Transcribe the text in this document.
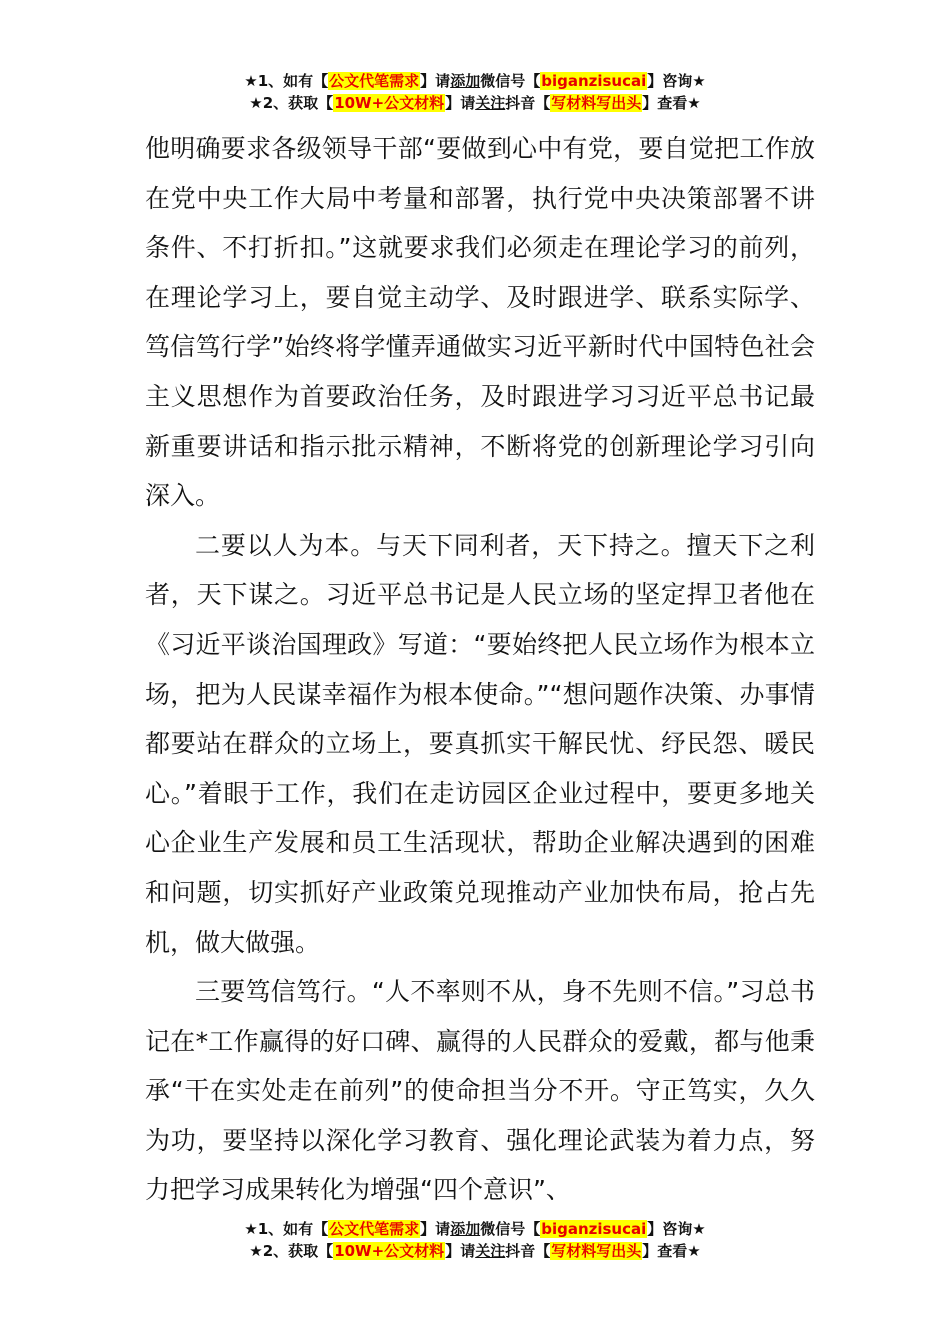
★1、如有【公文代笔需求】请添加微信号【biganzisucai】咨询★
★2、获取【10W+公文材料】请关注抖音【写材料写出头】查看★

他明确要求各级领导干部“要做到心中有党，要自觉把工作放在党中央工作大局中考量和部署，执行党中央决策部署不讲条件、不打折扣。”这就要求我们必须走在理论学习的前列，在理论学习上，要自觉主动学、及时跟进学、联系实际学、笃信笃行学”始终将学懂弄通做实习近平新时代中国特色社会主义思想作为首要政治任务，及时跟进学习习近平总书记最新重要讲话和指示批示精神，不断将党的创新理论学习引向深入。

二要以人为本。与天下同利者，天下持之。擅天下之利者，天下谋之。习近平总书记是人民立场的坚定捍卫者他在《习近平谈治国理政》写道：“要始终把人民立场作为根本立场，把为人民谋幸福作为根本使命。”“想问题作决策、办事情都要站在群众的立场上，要真抓实干解民忧、纾民怨、暖民心。”着眼于工作，我们在走访园区企业过程中，要更多地关心企业生产发展和员工生活现状，帮助企业解决遇到的困难和问题，切实抓好产业政策兑现推动产业加快布局，抢占先机，做大做强。

三要笃信笃行。“人不率则不从，身不先则不信。”习总书记在*工作赢得的好口碑、赢得的人民群众的爱戴，都与他秉承“干在实处走在前列”的使命担当分不开。守正笃实，久久为功，要坚持以深化学习教育、强化理论武装为着力点，努力把学习成果转化为增强“四个意识”、

★1、如有【公文代笔需求】请添加微信号【biganzisucai】咨询★
★2、获取【10W+公文材料】请关注抖音【写材料写出头】查看★
